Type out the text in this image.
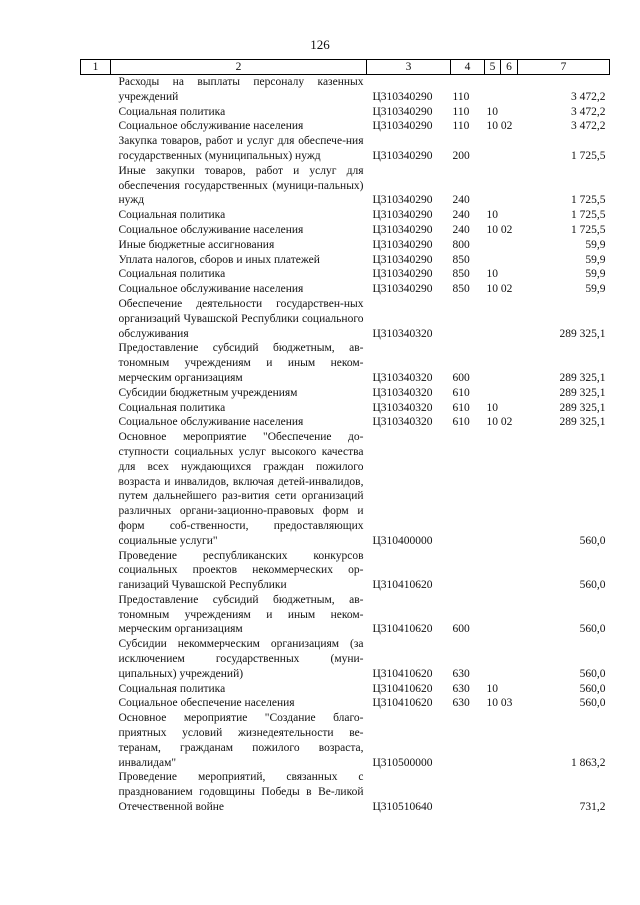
126
1	2	3	4	5	6	7
	Расходы на выплаты персоналу казенных учреждений	Ц310340290	110			3 472,2
	Социальная политика	Ц310340290	110	10		3 472,2
	Социальное обслуживание населения	Ц310340290	110	10 02		3 472,2
	Закупка товаров, работ и услуг для обеспече-ния государственных (муниципальных) нужд	Ц310340290	200			1 725,5
	Иные закупки товаров, работ и услуг для обеспечения государственных (муници-пальных) нужд	Ц310340290	240			1 725,5
	Социальная политика	Ц310340290	240	10		1 725,5
	Социальное обслуживание населения	Ц310340290	240	10 02		1 725,5
	Иные бюджетные ассигнования	Ц310340290	800			59,9
	Уплата налогов, сборов и иных платежей	Ц310340290	850			59,9
	Социальная политика	Ц310340290	850	10		59,9
	Социальное обслуживание населения	Ц310340290	850	10 02		59,9
	Обеспечение деятельности государствен-ных организаций Чувашской Республики социального обслуживания	Ц310340320				289 325,1
	Предоставление субсидий бюджетным, ав-тономным учреждениям и иным неком-мерческим организациям	Ц310340320	600			289 325,1
	Субсидии бюджетным учреждениям	Ц310340320	610			289 325,1
	Социальная политика	Ц310340320	610	10		289 325,1
	Социальное обслуживание населения	Ц310340320	610	10 02		289 325,1
	Основное мероприятие "Обеспечение до-ступности социальных услуг высокого качества для всех нуждающихся граждан пожилого возраста и инвалидов, включая детей-инвалидов, путем дальнейшего раз-вития сети организаций различных органи-зационно-правовых форм и форм соб-ственности, предоставляющих социальные услуги"	Ц310400000				560,0
	Проведение республиканских конкурсов социальных проектов некоммерческих ор-ганизаций Чувашской Республики	Ц310410620				560,0
	Предоставление субсидий бюджетным, ав-тономным учреждениям и иным неком-мерческим организациям	Ц310410620	600			560,0
	Субсидии некоммерческим организациям (за исключением государственных (муни-ципальных) учреждений)	Ц310410620	630			560,0
	Социальная политика	Ц310410620	630	10		560,0
	Социальное обеспечение населения	Ц310410620	630	10 03		560,0
	Основное мероприятие "Создание благо-приятных условий жизнедеятельности ве-теранам, гражданам пожилого возраста, инвалидам"	Ц310500000				1 863,2
	Проведение мероприятий, связанных с празднованием годовщины Победы в Ве-ликой Отечественной войне	Ц310510640				731,2
